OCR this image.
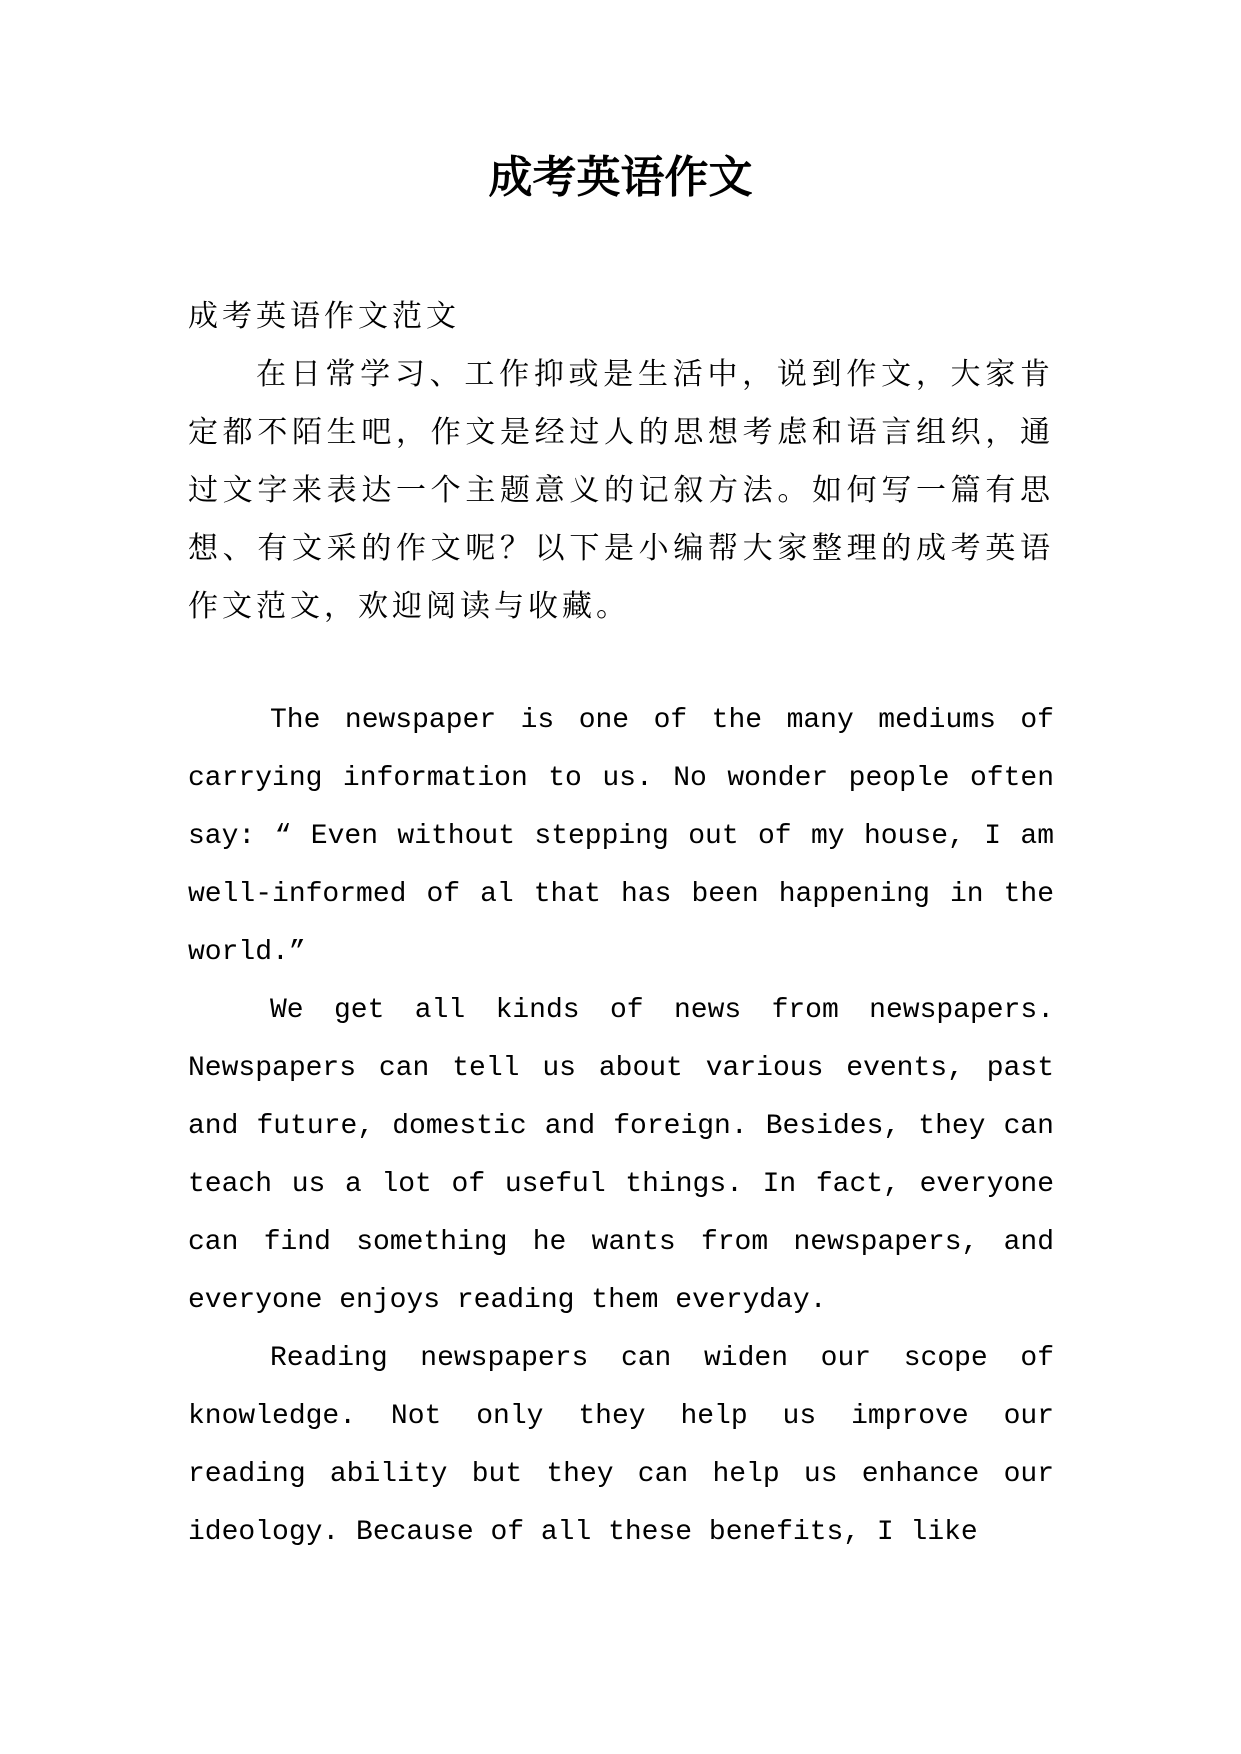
成考英语作文

成考英语作文范文

在日常学习、工作抑或是生活中，说到作文，大家肯定都不陌生吧，作文是经过人的思想考虑和语言组织，通过文字来表达一个主题意义的记叙方法。如何写一篇有思想、有文采的作文呢？以下是小编帮大家整理的成考英语作文范文，欢迎阅读与收藏。

The newspaper is one of the many mediums of carrying information to us. No wonder people often say: “ Even without stepping out of my house, I am well-informed of al that has been happening in the world.”

We get all kinds of news from newspapers. Newspapers can tell us about various events, past and future, domestic and foreign. Besides, they can teach us a lot of useful things. In fact, everyone can find something he wants from newspapers, and everyone enjoys reading them everyday.

Reading newspapers can widen our scope of knowledge. Not only they help us improve our reading ability but they can help us enhance our ideology. Because of all these benefits, I like
